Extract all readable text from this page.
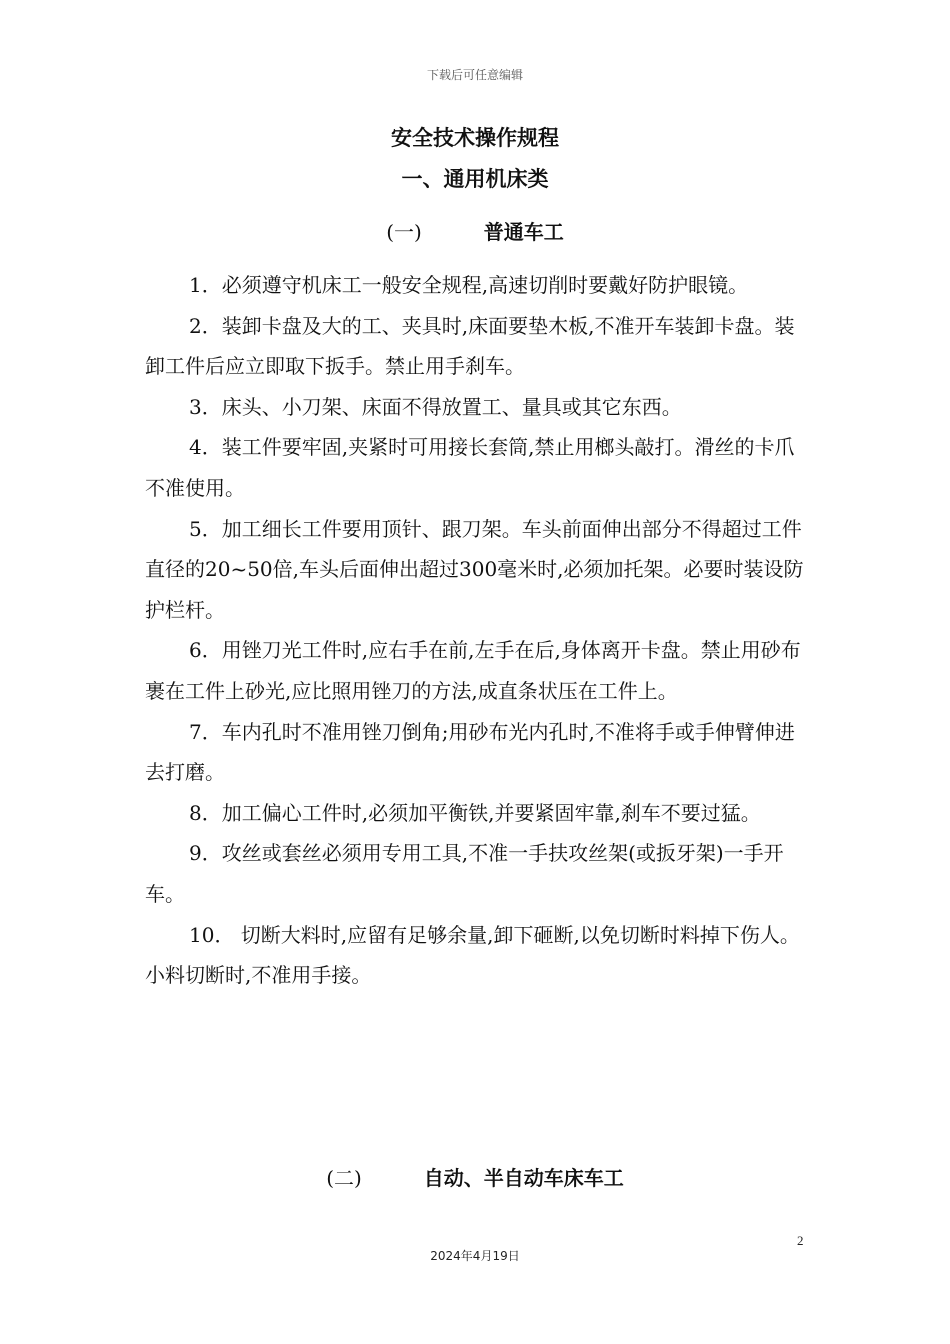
下载后可任意编辑
安全技术操作规程
一、通用机床类
(一)	普通车工

1．必须遵守机床工一般安全规程,高速切削时要戴好防护眼镜。

2．装卸卡盘及大的工、夹具时,床面要垫木板,不准开车装卸卡盘。装卸工件后应立即取下扳手。禁止用手刹车。

3．床头、小刀架、床面不得放置工、量具或其它东西。

4．装工件要牢固,夹紧时可用接长套筒,禁止用榔头敲打。滑丝的卡爪不准使用。

5．加工细长工件要用顶针、跟刀架。车头前面伸出部分不得超过工件直径的20~50倍,车头后面伸出超过300毫米时,必须加托架。必要时装设防护栏杆。

6．用锉刀光工件时,应右手在前,左手在后,身体离开卡盘。禁止用砂布裹在工件上砂光,应比照用锉刀的方法,成直条状压在工件上。

7．车内孔时不准用锉刀倒角;用砂布光内孔时,不准将手或手伸臂伸进去打磨。

8．加工偏心工件时,必须加平衡铁,并要紧固牢靠,刹车不要过猛。

9．攻丝或套丝必须用专用工具,不准一手扶攻丝架(或扳牙架)一手开车。

10． 切断大料时,应留有足够余量,卸下砸断,以免切断时料掉下伤人。小料切断时,不准用手接。

(二)	自动、半自动车床车工
2
2024年4月19日
